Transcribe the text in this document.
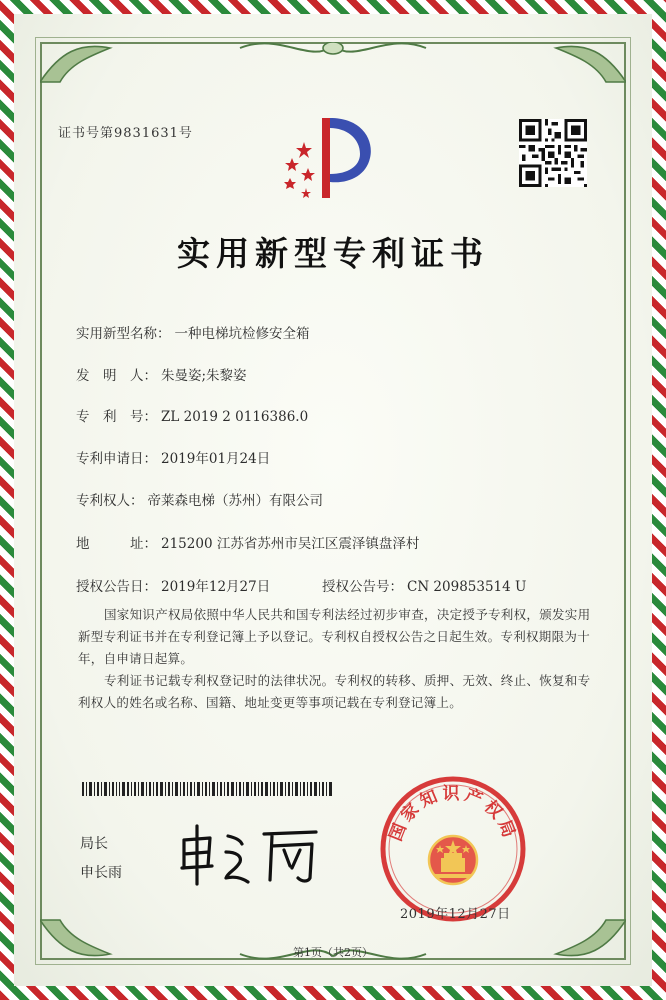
证书号第9831631号
实用新型专利证书
实用新型名称： 一种电梯坑检修安全箱
发　明　人： 朱曼姿;朱黎姿
专　利　号： ZL 2019 2 0116386.0
专利申请日： 2019年01月24日
专利权人： 帝莱森电梯（苏州）有限公司
地　　　址： 215200 江苏省苏州市吴江区震泽镇盘泽村
授权公告日： 2019年12月27日	授权公告号： CN 209853514 U
国家知识产权局依照中华人民共和国专利法经过初步审查，决定授予专利权，颁发实用新型专利证书并在专利登记簿上予以登记。专利权自授权公告之日起生效。专利权期限为十年，自申请日起算。
专利证书记载专利权登记时的法律状况。专利权的转移、质押、无效、终止、恢复和专利权人的姓名或名称、国籍、地址变更等事项记载在专利登记簿上。
局长
申长雨
国家知识产权局
2019年12月27日
第1页（共2页）
